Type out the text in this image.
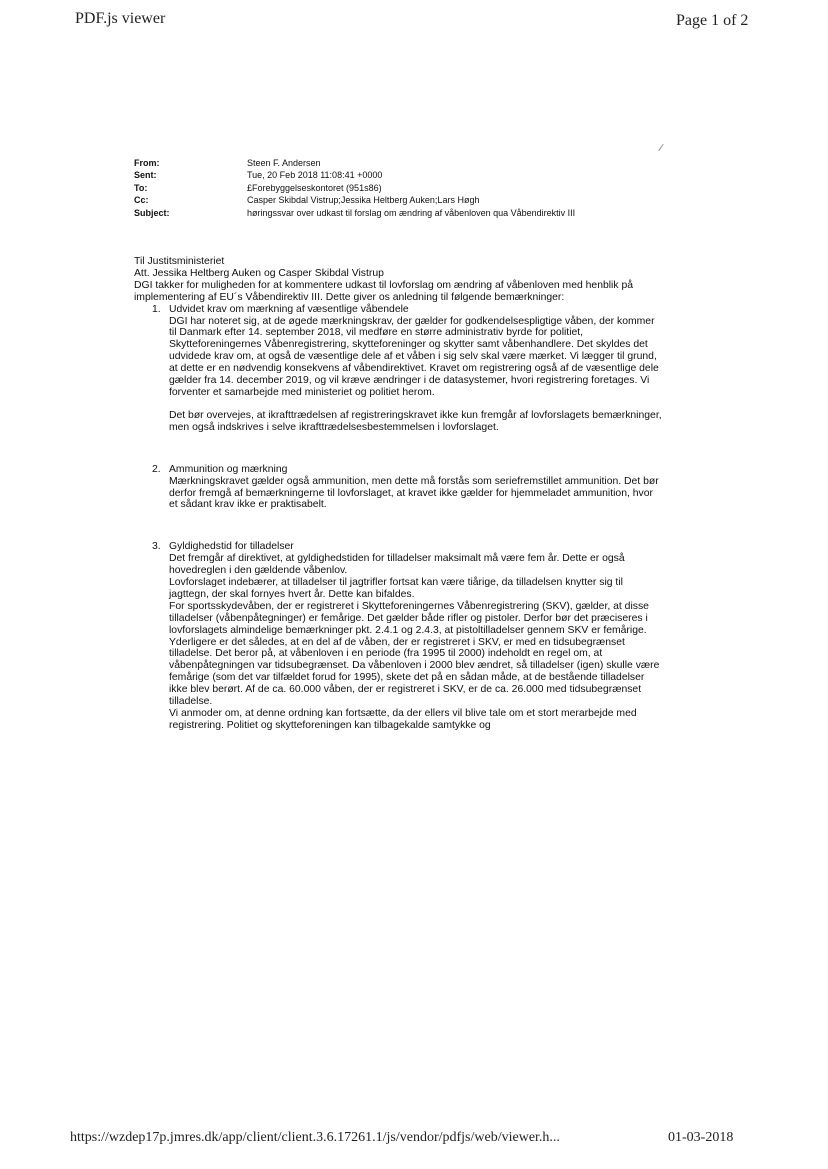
PDF.js viewer	Page 1 of 2
From:	Steen F. Andersen
Sent:	Tue, 20 Feb 2018 11:08:41 +0000
To:	£Forebyggelseskontoret (951s86)
Cc:	Casper Skibdal Vistrup;Jessika Heltberg Auken;Lars Høgh
Subject:	høringssvar over udkast til forslag om ændring af våbenloven qua Våbendirektiv III

Til Justitsministeriet

Att. Jessika Heltberg Auken og Casper Skibdal Vistrup

DGI takker for muligheden for at kommentere udkast til lovforslag om ændring af våbenloven med henblik på implementering af EU´s Våbendirektiv III. Dette giver os anledning til følgende bemærkninger:

1. Udvidet krav om mærkning af væsentlige våbendele

DGI har noteret sig, at de øgede mærkningskrav, der gælder for godkendelsespligtige våben, der kommer til Danmark efter 14. september 2018, vil medføre en større administrativ byrde for politiet, Skytteforeningernes Våbenregistrering, skytteforeninger og skytter samt våbenhandlere. Det skyldes det udvidede krav om, at også de væsentlige dele af et våben i sig selv skal være mærket. Vi lægger til grund, at dette er en nødvendig konsekvens af våbendirektivet. Kravet om registrering også af de væsentlige dele gælder fra 14. december 2019, og vil kræve ændringer i de datasystemer, hvori registrering foretages. Vi forventer et samarbejde med ministeriet og politiet herom.

Det bør overvejes, at ikrafttrædelsen af registreringskravet ikke kun fremgår af lovforslagets bemærkninger, men også indskrives i selve ikrafttrædelsesbestemmelsen i lovforslaget.

2. Ammunition og mærkning

Mærkningskravet gælder også ammunition, men dette må forstås som seriefremstillet ammunition. Det bør derfor fremgå af bemærkningerne til lovforslaget, at kravet ikke gælder for hjemmeladet ammunition, hvor et sådant krav ikke er praktisabelt.

3. Gyldighedstid for tilladelser

Det fremgår af direktivet, at gyldighedstiden for tilladelser maksimalt må være fem år. Dette er også hovedreglen i den gældende våbenlov.

Lovforslaget indebærer, at tilladelser til jagtrifler fortsat kan være tiårige, da tilladelsen knytter sig til jagttegn, der skal fornyes hvert år. Dette kan bifaldes.

For sportsskydevåben, der er registreret i Skytteforeningernes Våbenregistrering (SKV), gælder, at disse tilladelser (våbenpåtegninger) er femårige. Det gælder både rifler og pistoler. Derfor bør det præciseres i lovforslagets almindelige bemærkninger pkt. 2.4.1 og 2.4.3, at pistoltilladelser gennem SKV er femårige.

Yderligere er det således, at en del af de våben, der er registreret i SKV, er med en tidsubegrænset tilladelse. Det beror på, at våbenloven i en periode (fra 1995 til 2000) indeholdt en regel om, at våbenpåtegningen var tidsubegrænset. Da våbenloven i 2000 blev ændret, så tilladelser (igen) skulle være femårige (som det var tilfældet forud for 1995), skete det på en sådan måde, at de bestående tilladelser ikke blev berørt. Af de ca. 60.000 våben, der er registreret i SKV, er de ca. 26.000 med tidsubegrænset tilladelse.

Vi anmoder om, at denne ordning kan fortsætte, da der ellers vil blive tale om et stort merarbejde med registrering. Politiet og skytteforeningen kan tilbagekalde samtykke og

https://wzdep17p.jmres.dk/app/client/client.3.6.17261.1/js/vendor/pdfjs/web/viewer.h...	01-03-2018
